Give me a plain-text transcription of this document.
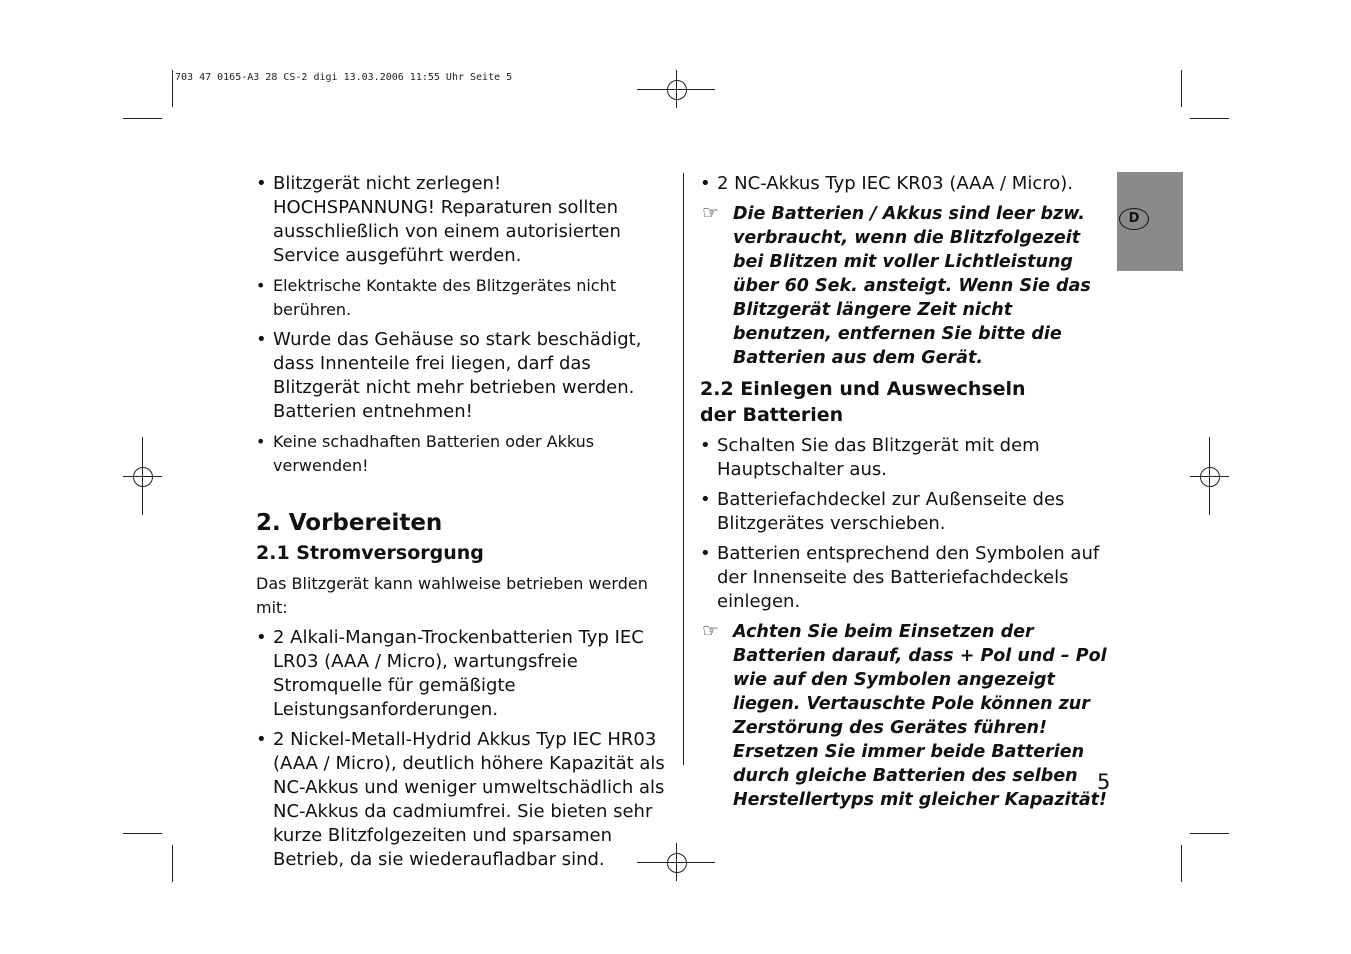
703 47 0165-A3 28 CS-2 digi 13.03.2006 11:55 Uhr Seite 5
• Blitzgerät nicht zerlegen! HOCHSPANNUNG! Reparaturen sollten ausschließlich von einem autorisierten Service ausgeführt werden.
• Elektrische Kontakte des Blitzgerätes nicht berühren.
• Wurde das Gehäuse so stark beschädigt, dass Innenteile frei liegen, darf das Blitzgerät nicht mehr betrieben werden. Batterien entnehmen!
• Keine schadhaften Batterien oder Akkus verwenden!
2. Vorbereiten
2.1 Stromversorgung
Das Blitzgerät kann wahlweise betrieben werden mit:
• 2 Alkali-Mangan-Trockenbatterien Typ IEC LR03 (AAA / Micro), wartungsfreie Stromquelle für gemäßigte Leistungsanforderungen.
• 2 Nickel-Metall-Hydrid Akkus Typ IEC HR03 (AAA / Micro), deutlich höhere Kapazität als NC-Akkus und weniger umweltschädlich als NC-Akkus da cadmiumfrei. Sie bieten sehr kurze Blitzfolgezeiten und sparsamen Betrieb, da sie wiederaufladbar sind.
• 2 NC-Akkus Typ IEC KR03 (AAA / Micro).
☞ Die Batterien / Akkus sind leer bzw. verbraucht, wenn die Blitzfolgezeit bei Blitzen mit voller Lichtleistung über 60 Sek. ansteigt. Wenn Sie das Blitzgerät längere Zeit nicht benutzen, entfernen Sie bitte die Batterien aus dem Gerät.
2.2 Einlegen und Auswechseln
der Batterien
• Schalten Sie das Blitzgerät mit dem Hauptschalter aus.
• Batteriefachdeckel zur Außenseite des Blitzgerätes verschieben.
• Batterien entsprechend den Symbolen auf der Innenseite des Batteriefachdeckels einlegen.
☞ Achten Sie beim Einsetzen der Batterien darauf, dass + Pol und – Pol wie auf den Symbolen angezeigt liegen. Vertauschte Pole können zur Zerstörung des Gerätes führen! Ersetzen Sie immer beide Batterien durch gleiche Batterien des selben Herstellertyps mit gleicher Kapazität!
D
5
